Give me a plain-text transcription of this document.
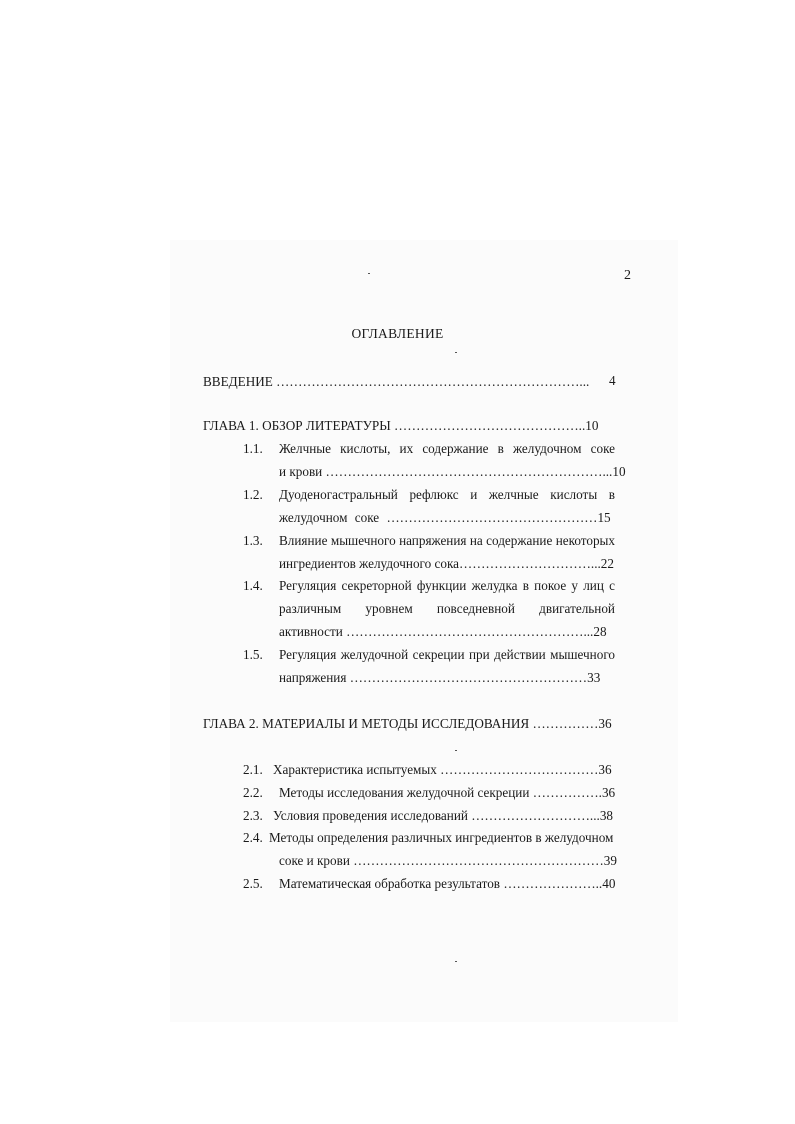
2
ОГЛАВЛЕНИЕ
ВВЕДЕНИЕ ……………………………………………………………... 4
ГЛАВА 1. ОБЗОР ЛИТЕРАТУРЫ ……………………………………..10
1.1. Желчные кислоты, их содержание в желудочном соке
и крови ………………………………………………………...10
1.2. Дуоденогастральный рефлюкс и желчные кислоты в
желудочном соке …………………………………………15
1.3. Влияние мышечного напряжения на содержание некоторых
ингредиентов желудочного сока…………………………...22
1.4. Регуляция секреторной функции желудка в покое у лиц с
различным уровнем повседневной двигательной
активности ………………………………………………...28
1.5. Регуляция желудочной секреции при действии мышечного
напряжения ………………………………………………33
ГЛАВА 2. МАТЕРИАЛЫ И МЕТОДЫ ИССЛЕДОВАНИЯ ……………36
2.1. Характеристика испытуемых ………………………………36
2.2. Методы исследования желудочной секреции …………….36
2.3. Условия проведения исследований ………………………...38
2.4. Методы определения различных ингредиентов в желудочном
соке и крови …………………………………………………39
2.5. Математическая обработка результатов …………………..40
